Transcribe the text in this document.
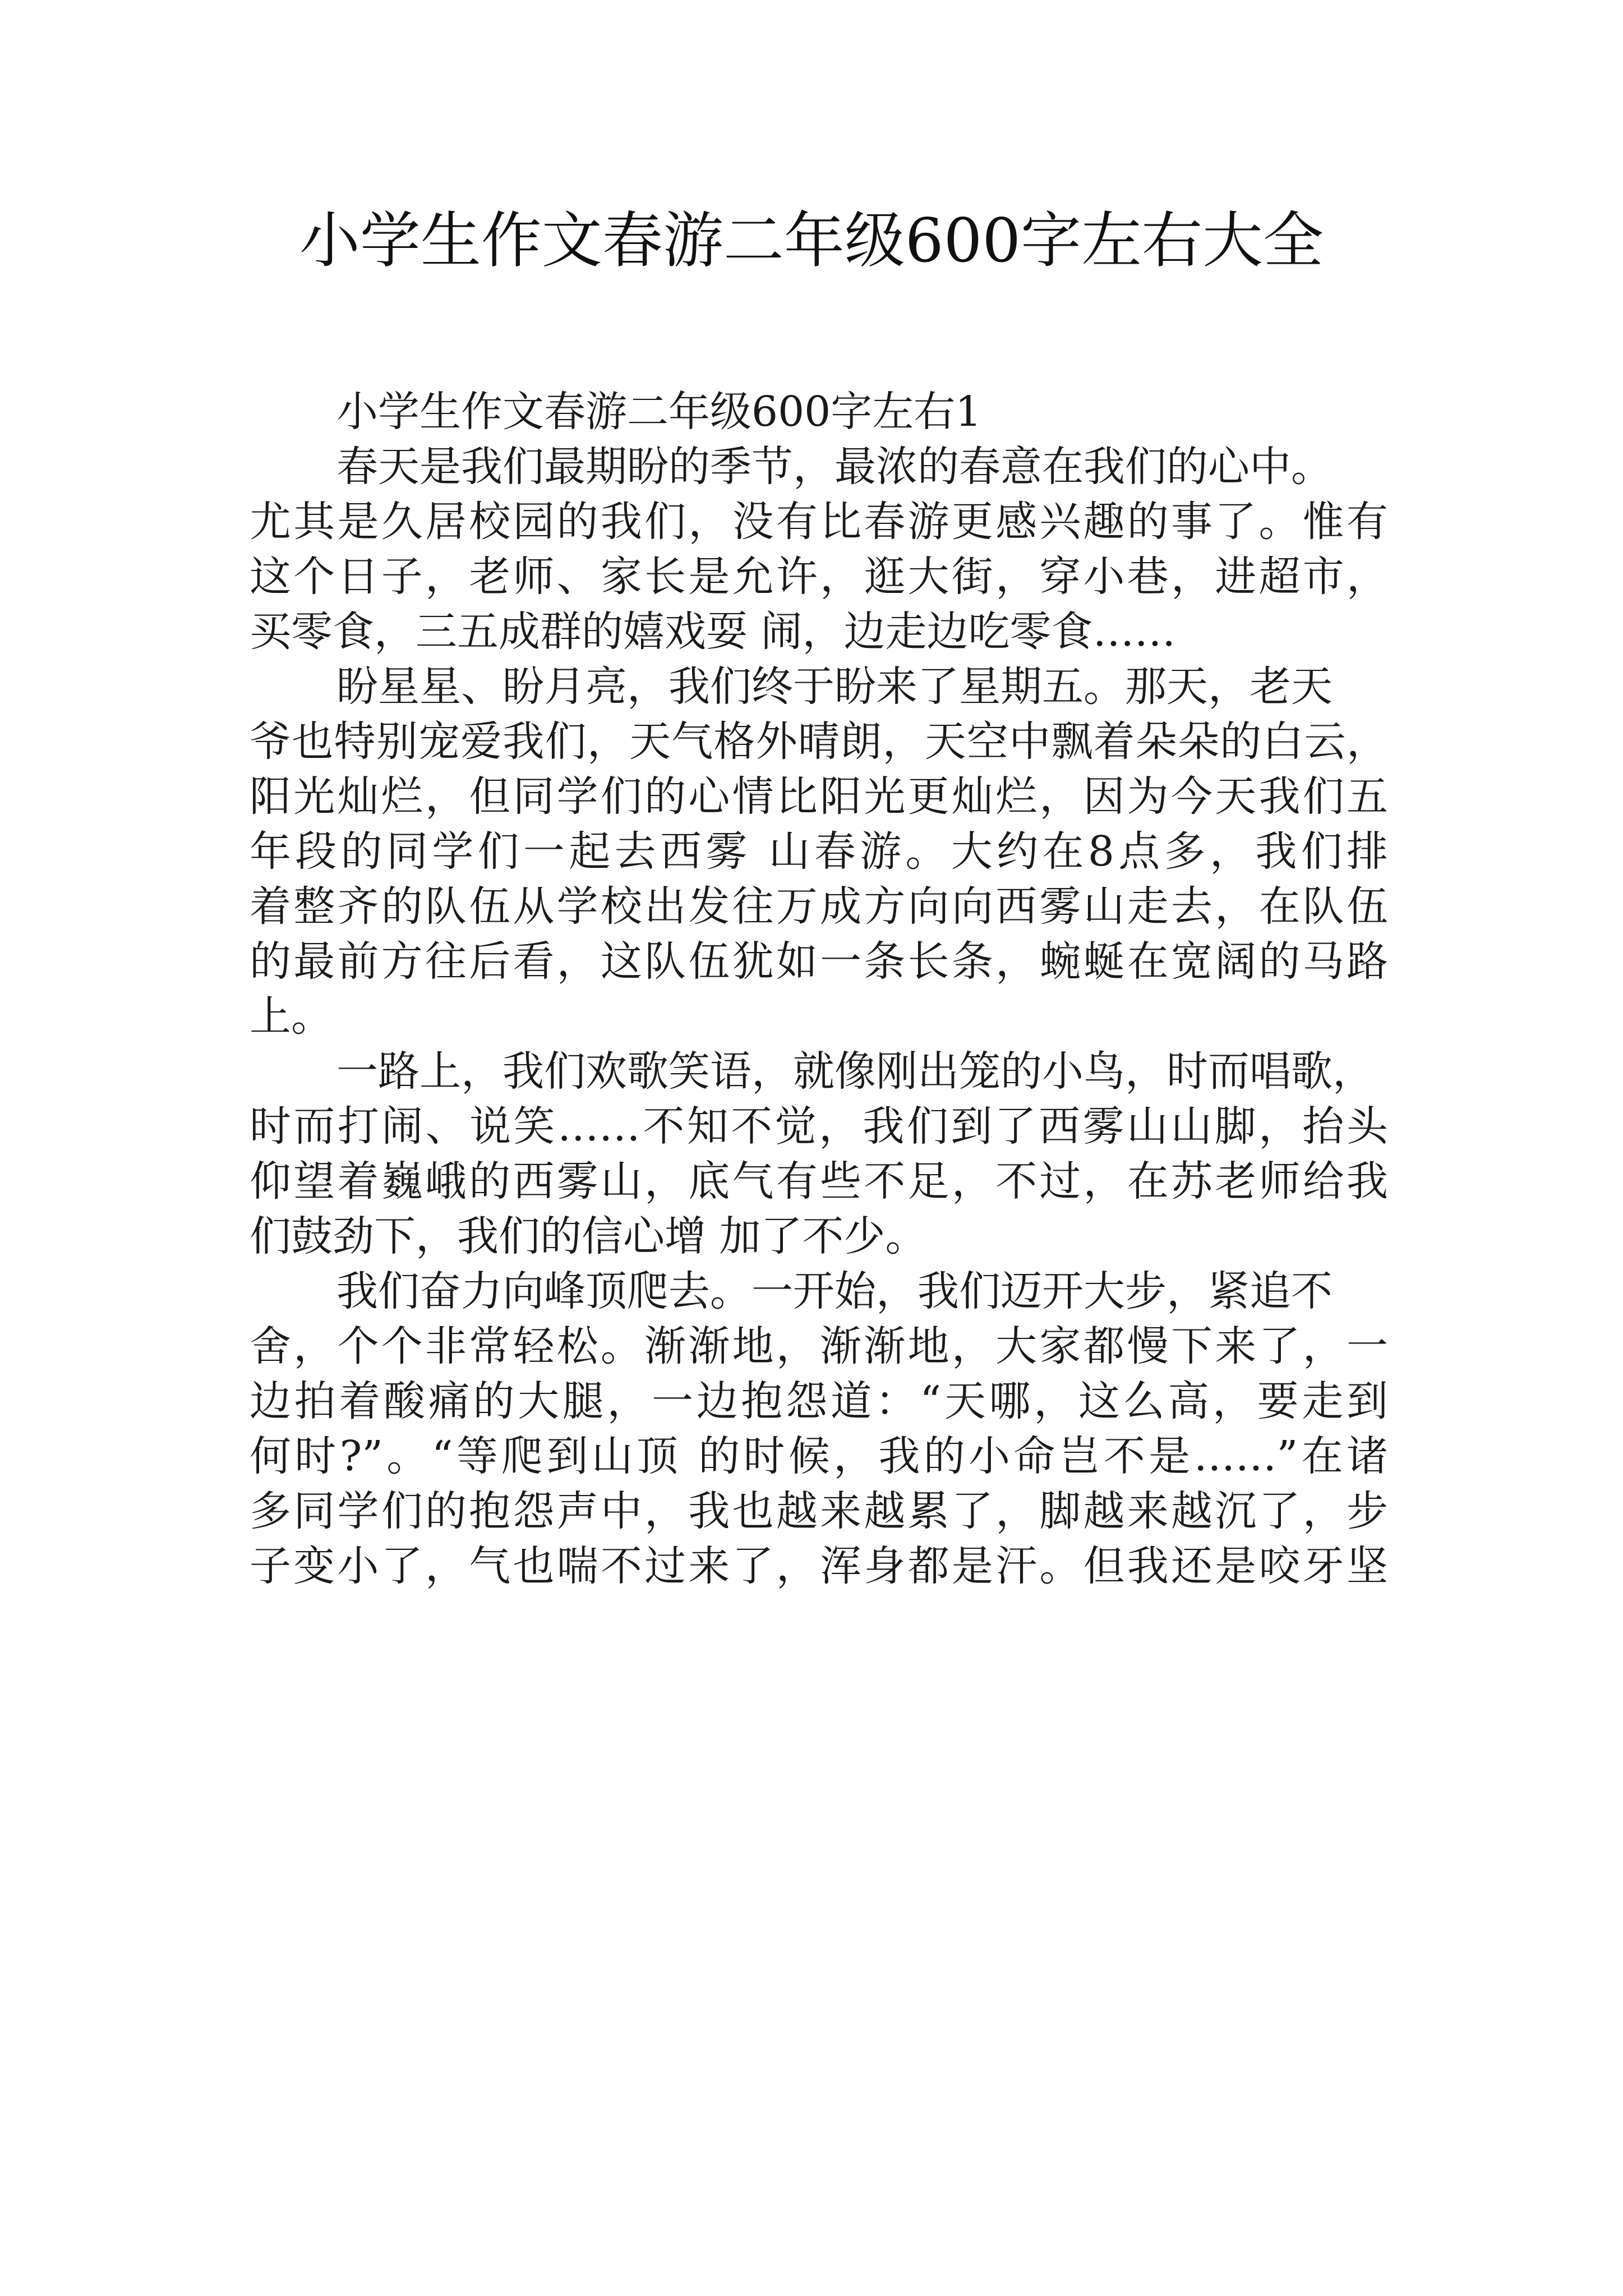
小学生作文春游二年级600字左右大全

小学生作文春游二年级600字左右1

春天是我们最期盼的季节，最浓的春意在我们的心中。

尤其是久居校园的我们，没有比春游更感兴趣的事了。惟有

这个日子，老师、家长是允许，逛大街，穿小巷，进超市，

买零食，三五成群的嬉戏耍 闹，边走边吃零食……

盼星星、盼月亮，我们终于盼来了星期五。那天，老天

爷也特别宠爱我们，天气格外晴朗，天空中飘着朵朵的白云，

阳光灿烂，但同学们的心情比阳光更灿烂，因为今天我们五

年段的同学们一起去西雾 山春游。大约在8点多，我们排

着整齐的队伍从学校出发往万成方向向西雾山走去，在队伍

的最前方往后看，这队伍犹如一条长条，蜿蜒在宽阔的马路

上。

一路上，我们欢歌笑语，就像刚出笼的小鸟，时而唱歌，

时而打闹、说笑……不知不觉，我们到了西雾山山脚，抬头

仰望着巍峨的西雾山，底气有些不足，不过，在苏老师给我

们鼓劲下，我们的信心增 加了不少。

我们奋力向峰顶爬去。一开始，我们迈开大步，紧追不

舍，个个非常轻松。渐渐地，渐渐地，大家都慢下来了，一

边拍着酸痛的大腿，一边抱怨道：“天哪，这么高，要走到

何时?”。“等爬到山顶 的时候，我的小命岂不是……”在诸

多同学们的抱怨声中，我也越来越累了，脚越来越沉了，步

子变小了，气也喘不过来了，浑身都是汗。但我还是咬牙坚
